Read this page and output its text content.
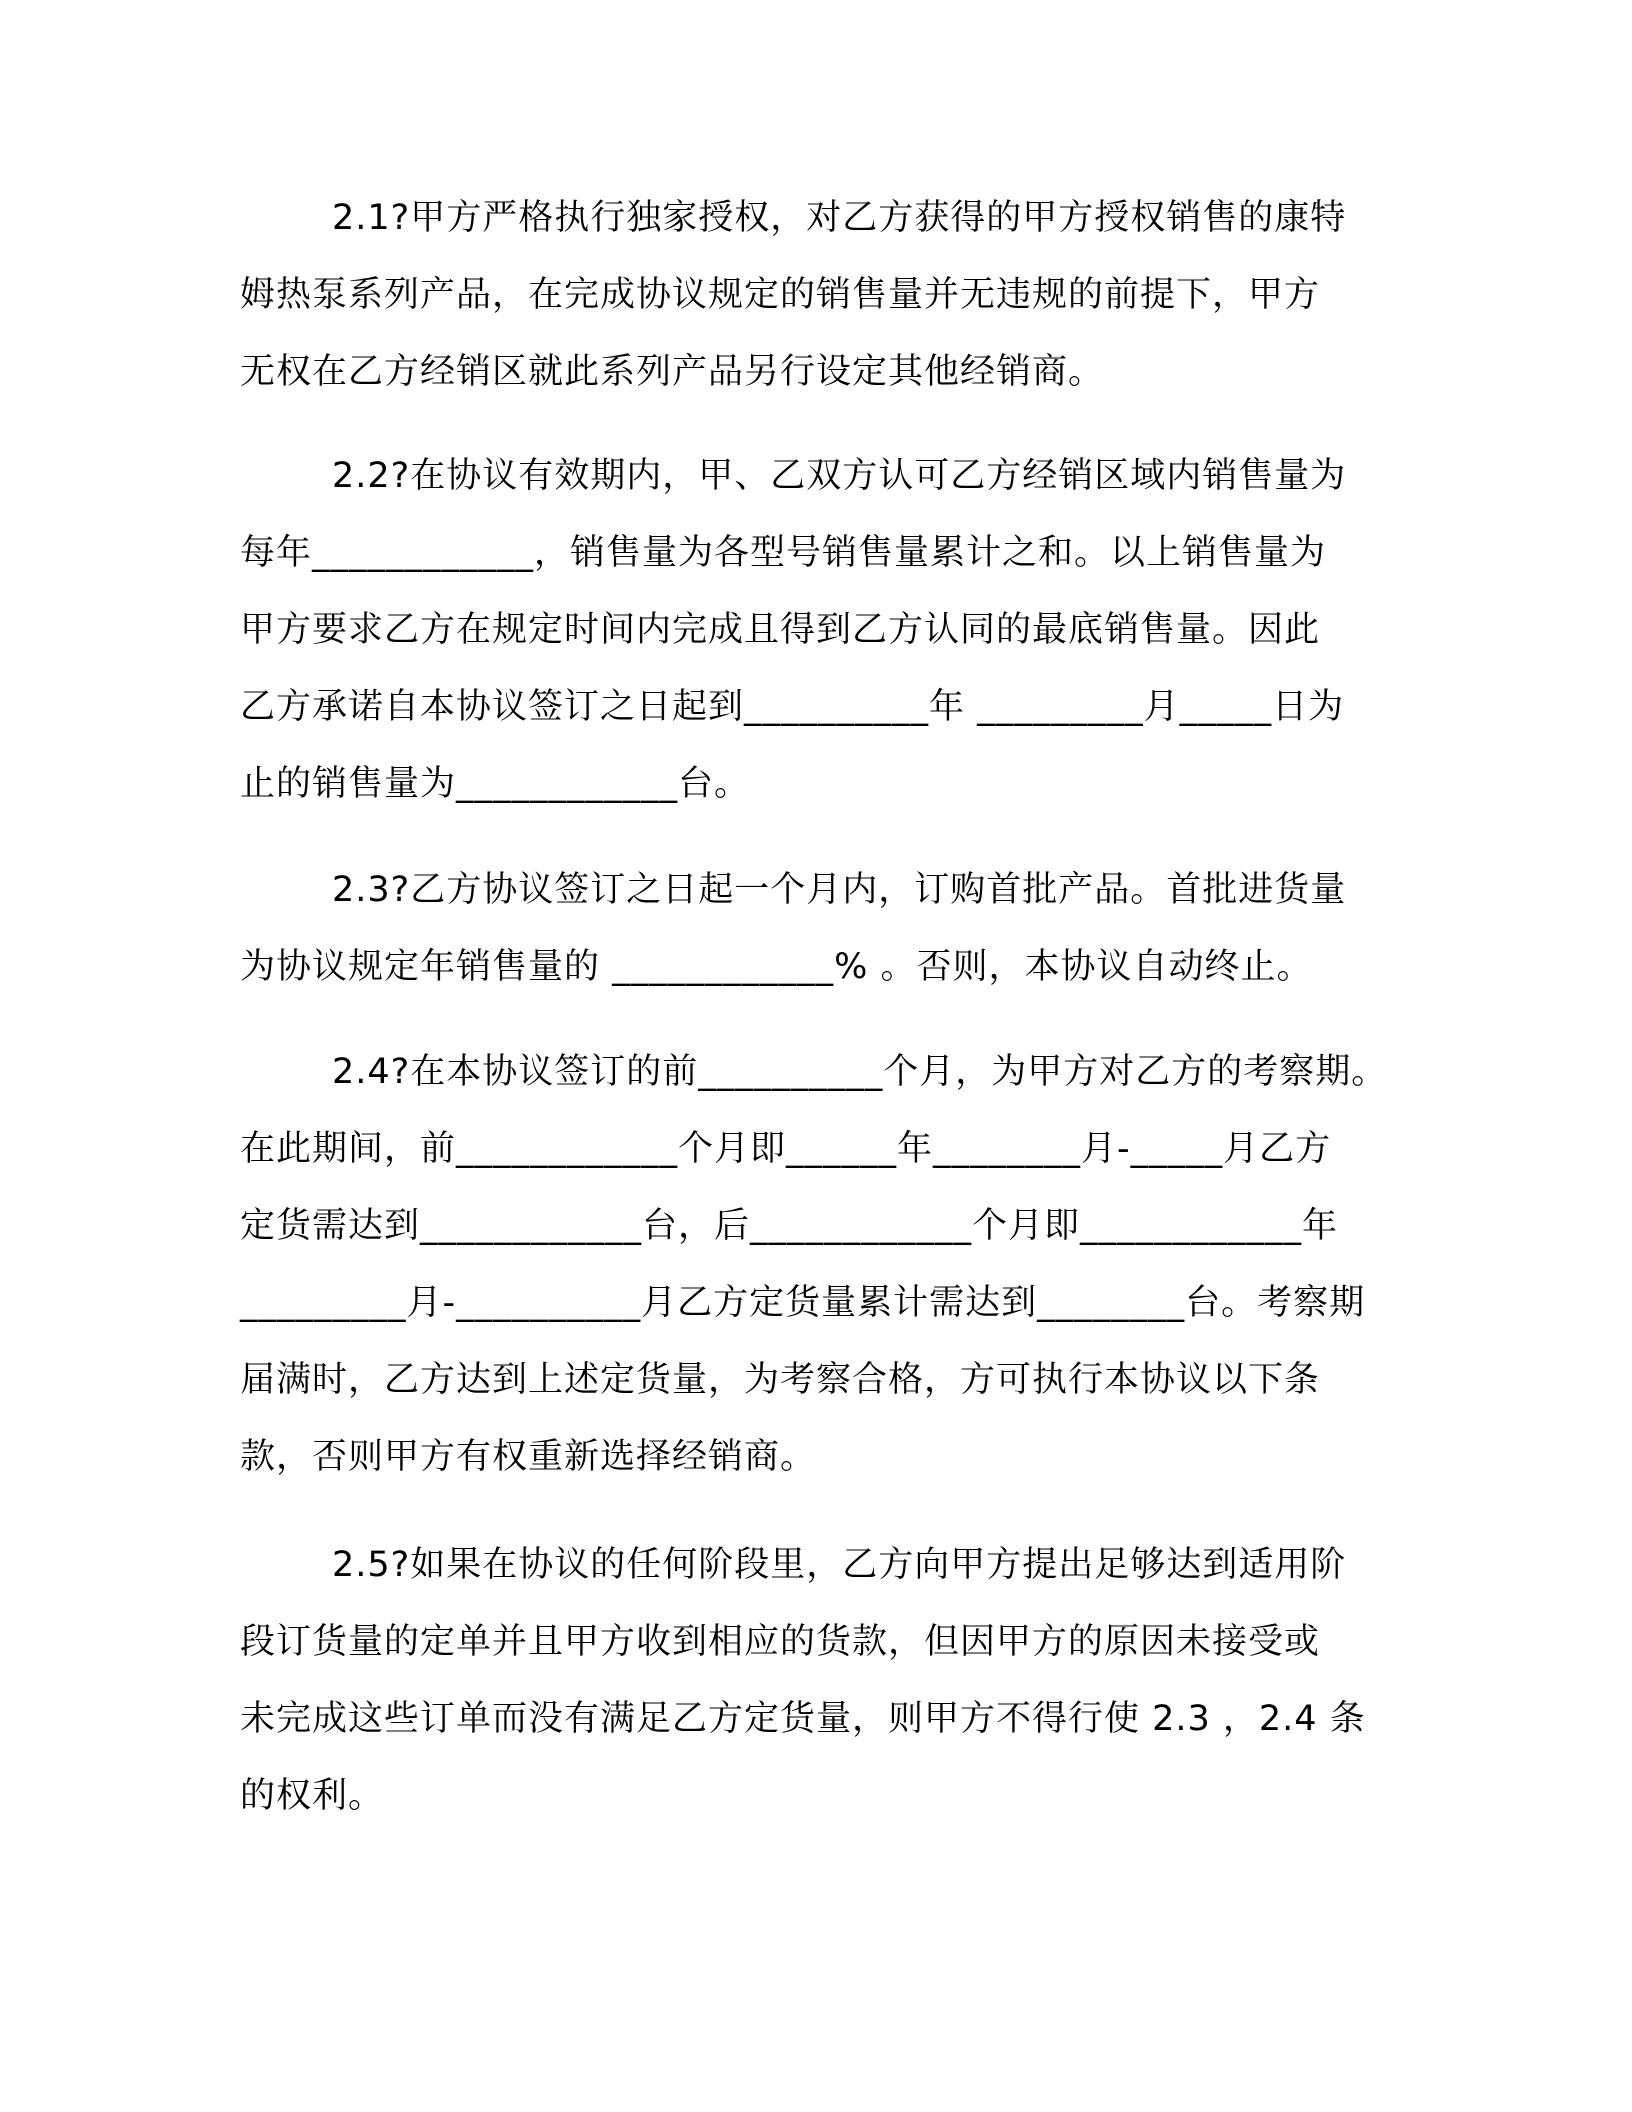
2.1?甲方严格执行独家授权，对乙方获得的甲方授权销售的康特
姆热泵系列产品，在完成协议规定的销售量并无违规的前提下，甲方
无权在乙方经销区就此系列产品另行设定其他经销商。
2.2?在协议有效期内，甲、乙双方认可乙方经销区域内销售量为
每年____________，销售量为各型号销售量累计之和。以上销售量为
甲方要求乙方在规定时间内完成且得到乙方认同的最底销售量。因此
乙方承诺自本协议签订之日起到__________年 _________月_____日为
止的销售量为____________台。
2.3?乙方协议签订之日起一个月内，订购首批产品。首批进货量
为协议规定年销售量的 ____________% 。否则，本协议自动终止。
2.4?在本协议签订的前__________个月，为甲方对乙方的考察期。
在此期间，前____________个月即______年________月-_____月乙方
定货需达到____________台，后____________个月即____________年
_________月-__________月乙方定货量累计需达到________台。考察期
届满时，乙方达到上述定货量，为考察合格，方可执行本协议以下条
款，否则甲方有权重新选择经销商。
2.5?如果在协议的任何阶段里，乙方向甲方提出足够达到适用阶
段订货量的定单并且甲方收到相应的货款，但因甲方的原因未接受或
未完成这些订单而没有满足乙方定货量，则甲方不得行使 2.3 ，2.4 条
的权利。
